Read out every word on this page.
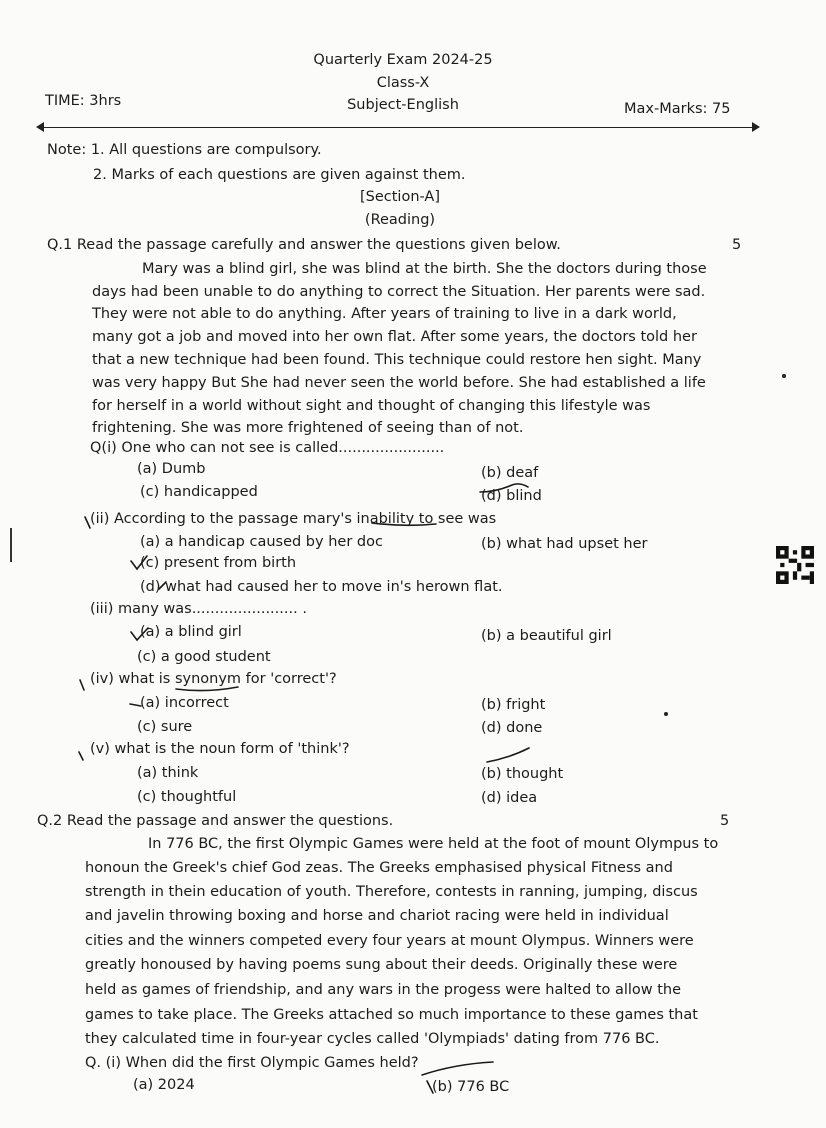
Quarterly Exam 2024-25
Class-X
TIME: 3hrs	Subject-English	Max-Marks: 75
Note: 1. All questions are compulsory.
2. Marks of each questions are given against them.
[Section-A]
(Reading)
Q.1 Read the passage carefully and answer the questions given below.	5
Mary was a blind girl, she was blind at the birth. She the doctors during those
days had been unable to do anything to correct the Situation. Her parents were sad.
They were not able to do anything. After years of training to live in a dark world,
many got a job and moved into her own flat. After some years, the doctors told her
that a new technique had been found. This technique could restore hen sight. Many
was very happy But She had never seen the world before. She had established a life
for herself in a world without sight and thought of changing this lifestyle was
frightening. She was more frightened of seeing than of not.
Q(i) One who can not see is called.......................
(a) Dumb	(b) deaf
(c) handicapped	(d) blind
(ii) According to the passage mary's inability to see was
(a) a handicap caused by her doc	(b) what had upset her
(c) present from birth
(d) what had caused her to move in's herown flat.
(iii) many was....................... .
(a) a blind girl	(b) a beautiful girl
(c) a good student
(iv) what is synonym for 'correct'?
(a) incorrect	(b) fright
(c) sure	(d) done
(v) what is the noun form of 'think'?
(a) think	(b) thought
(c) thoughtful	(d) idea
Q.2 Read the passage and answer the questions.	5
In 776 BC, the first Olympic Games were held at the foot of mount Olympus to
honoun the Greek's chief God zeas. The Greeks emphasised physical Fitness and
strength in thein education of youth. Therefore, contests in ranning, jumping, discus
and javelin throwing boxing and horse and chariot racing were held in individual
cities and the winners competed every four years at mount Olympus. Winners were
greatly honoused by having poems sung about their deeds. Originally these were
held as games of friendship, and any wars in the progess were halted to allow the
games to take place. The Greeks attached so much importance to these games that
they calculated time in four-year cycles called 'Olympiads' dating from 776 BC.
Q. (i) When did the first Olympic Games held?
(a) 2024	(b) 776 BC
